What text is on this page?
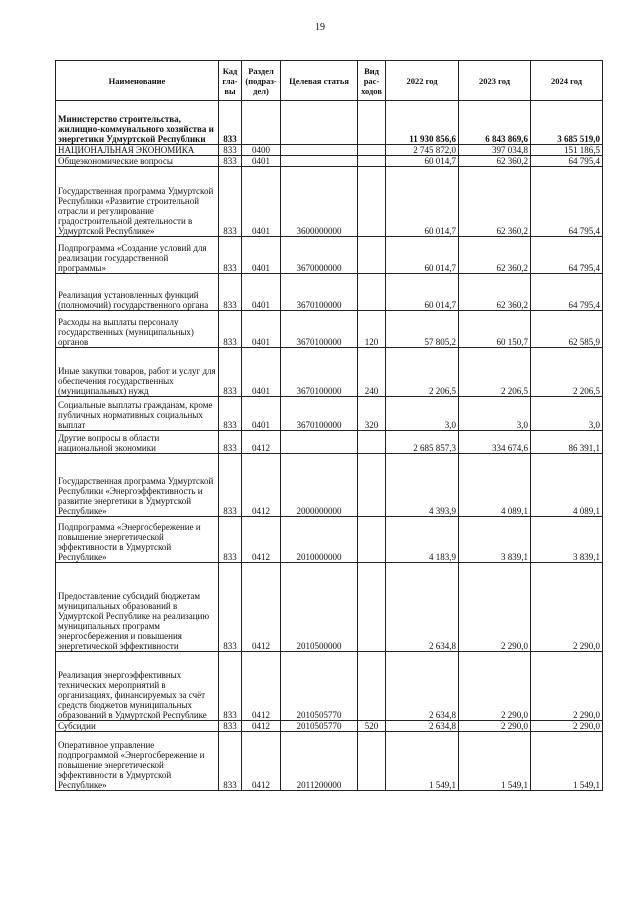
19
Наименование	Кад гла- вы	Раздел (подраз- дел)	Целевая статья	Вид рас- ходов	2022 год	2023 год	2024 год

Министерство строительства, жилищно-коммунального хозяйства и энергетики Удмуртской Республики	833				11 930 856,6	6 843 869,6	3 685 519,0

НАЦИОНАЛЬНАЯ ЭКОНОМИКА	833	0400			2 745 872,0	397 034,8	151 186,5

Общеэкономические вопросы	833	0401			60 014,7	62 360,2	64 795,4

Государственная программа Удмуртской Республики «Развитие строительной отрасли и регулирование градостроительной деятельности в Удмуртской Республике»	833	0401	3600000000		60 014,7	62 360,2	64 795,4

Подпрограмма «Создание условий для реализации государственной программы»	833	0401	3670000000		60 014,7	62 360,2	64 795,4

Реализация установленных функций (полномочий) государственного органа	833	0401	3670100000		60 014,7	62 360,2	64 795,4

Расходы на выплаты персоналу государственных (муниципальных) органов	833	0401	3670100000	120	57 805,2	60 150,7	62 585,9

Иные закупки товаров, работ и услуг для обеспечения государственных (муниципальных) нужд	833	0401	3670100000	240	2 206,5	2 206,5	2 206,5

Социальные выплаты гражданам, кроме публичных нормативных социальных выплат	833	0401	3670100000	320	3,0	3,0	3,0

Другие вопросы в области национальной экономики	833	0412			2 685 857,3	334 674,6	86 391,1

Государственная программа Удмуртской Республики «Энергоэффективность и развитие энергетики в Удмуртской Республике»	833	0412	2000000000		4 393,9	4 089,1	4 089,1

Подпрограмма «Энергосбережение и повышение энергетической эффективности в Удмуртской Республике»	833	0412	2010000000		4 183,9	3 839,1	3 839,1

Предоставление субсидий бюджетам муниципальных образований в Удмуртской Республике на реализацию муниципальных программ энергосбережения и повышения энергетической эффективности	833	0412	2010500000		2 634,8	2 290,0	2 290,0

Реализация энергоэффективных технических мероприятий в организациях, финансируемых за счёт средств бюджетов муниципальных образований в Удмуртской Республике	833	0412	2010505770		2 634,8	2 290,0	2 290,0

Субсидии	833	0412	2010505770	520	2 634,8	2 290,0	2 290,0

Оперативное управление подпрограммой «Энергосбережение и повышение энергетической эффективности в Удмуртской Республике»	833	0412	2011200000		1 549,1	1 549,1	1 549,1
